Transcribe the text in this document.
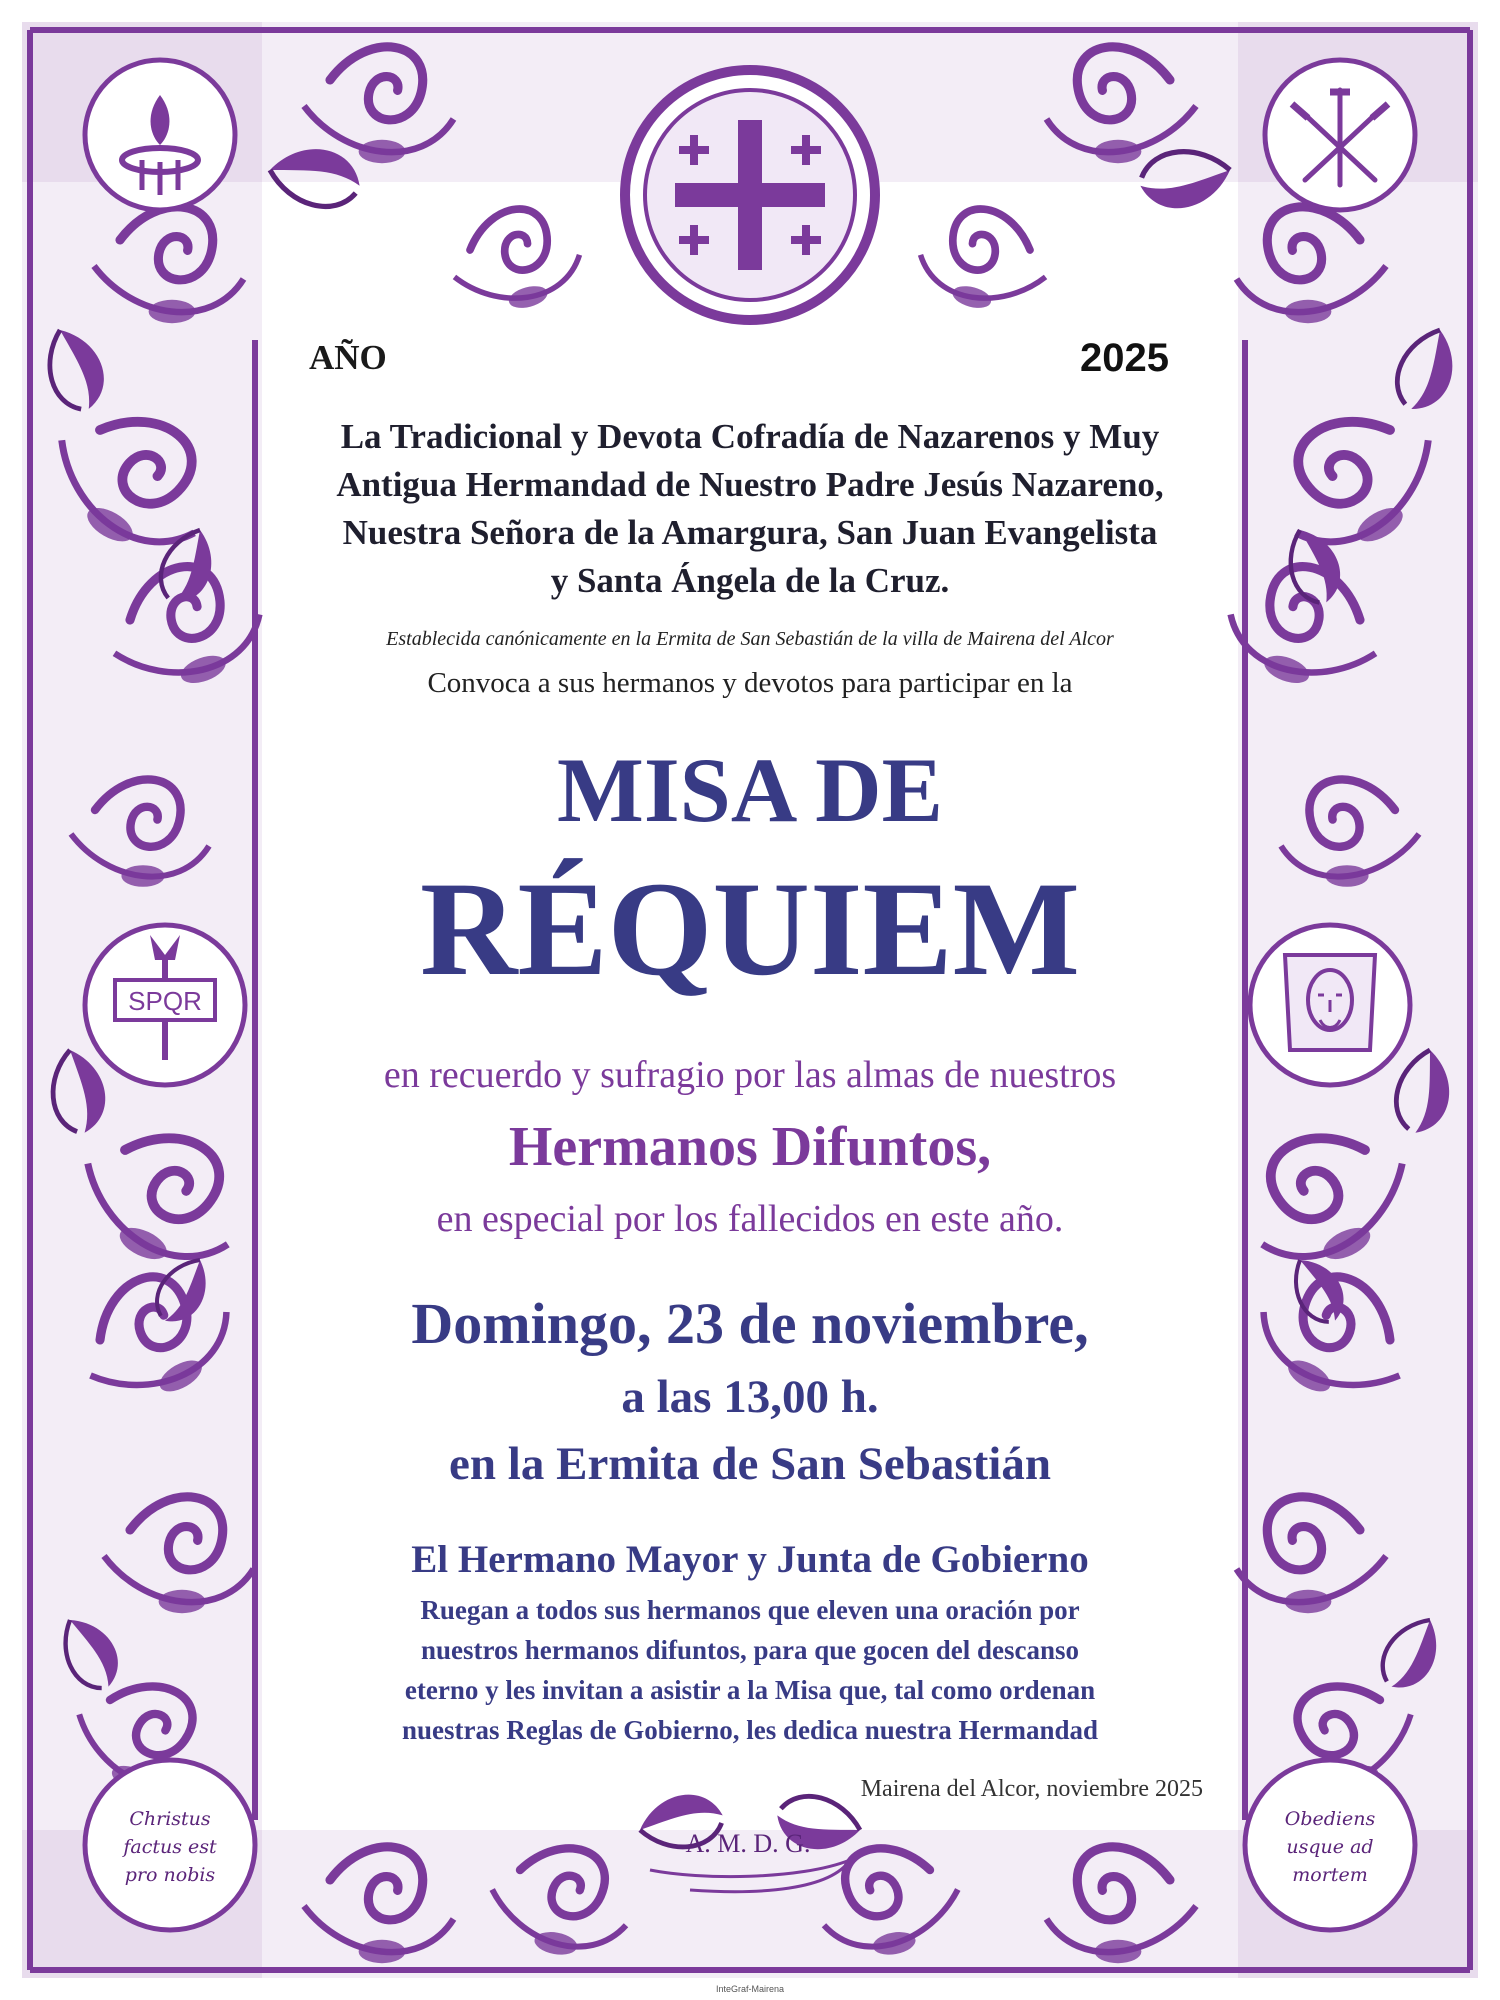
SPQR
Christus
factus est
pro nobis
Obediens
usque ad
mortem
A. M. D. G.
InteGraf-Mairena
AÑO	2025
La Tradicional y Devota Cofradía de Nazarenos y Muy
Antigua Hermandad de Nuestro Padre Jesús Nazareno,
Nuestra Señora de la Amargura, San Juan Evangelista
y Santa Ángela de la Cruz.

Establecida canónicamente en la Ermita de San Sebastián de la villa de Mairena del Alcor

Convoca a sus hermanos y devotos para participar en la

MISA DE

RÉQUIEM

en recuerdo y sufragio por las almas de nuestros

Hermanos Difuntos,

en especial por los fallecidos en este año.

Domingo, 23 de noviembre,

a las 13,00 h.

en la Ermita de San Sebastián

El Hermano Mayor y Junta de Gobierno

Ruegan a todos sus hermanos que eleven una oración por
nuestros hermanos difuntos, para que gocen del descanso
eterno y les invitan a asistir a la Misa que, tal como ordenan
nuestras Reglas de Gobierno, les dedica nuestra Hermandad
Mairena del Alcor, noviembre 2025
